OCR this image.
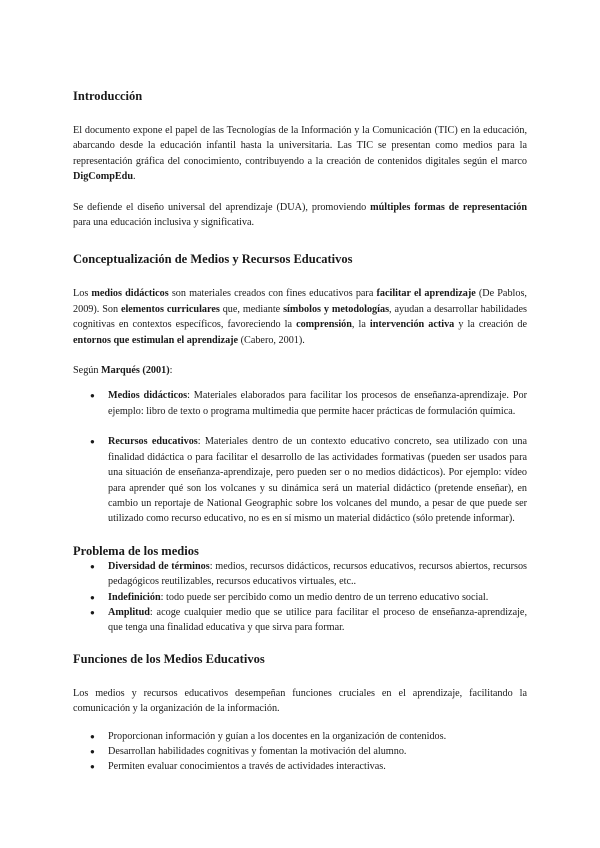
Introducción

El documento expone el papel de las Tecnologías de la Información y la Comunicación (TIC) en la educación, abarcando desde la educación infantil hasta la universitaria. Las TIC se presentan como medios para la representación gráfica del conocimiento, contribuyendo a la creación de contenidos digitales según el marco DigCompEdu.

Se defiende el diseño universal del aprendizaje (DUA), promoviendo múltiples formas de representación para una educación inclusiva y significativa.

Conceptualización de Medios y Recursos Educativos

Los medios didácticos son materiales creados con fines educativos para facilitar el aprendizaje (De Pablos, 2009). Son elementos curriculares que, mediante símbolos y metodologías, ayudan a desarrollar habilidades cognitivas en contextos específicos, favoreciendo la comprensión, la intervención activa y la creación de entornos que estimulan el aprendizaje (Cabero, 2001).

Según Marqués (2001):

● Medios didácticos: Materiales elaborados para facilitar los procesos de enseñanza-aprendizaje. Por ejemplo: libro de texto o programa multimedia que permite hacer prácticas de formulación química.
● Recursos educativos: Materiales dentro de un contexto educativo concreto, sea utilizado con una finalidad didáctica o para facilitar el desarrollo de las actividades formativas (pueden ser usados para una situación de enseñanza-aprendizaje, pero pueden ser o no medios didácticos). Por ejemplo: vídeo para aprender qué son los volcanes y su dinámica será un material didáctico (pretende enseñar), en cambio un reportaje de National Geographic sobre los volcanes del mundo, a pesar de que puede ser utilizado como recurso educativo, no es en sí mismo un material didáctico (sólo pretende informar).
Problema de los medios
● Diversidad de términos: medios, recursos didácticos, recursos educativos, recursos abiertos, recursos pedagógicos reutilizables, recursos educativos virtuales, etc..
● Indefinición: todo puede ser percibido como un medio dentro de un terreno educativo social.
● Amplitud: acoge cualquier medio que se utilice para facilitar el proceso de enseñanza-aprendizaje, que tenga una finalidad educativa y que sirva para formar.
Funciones de los Medios Educativos

Los medios y recursos educativos desempeñan funciones cruciales en el aprendizaje, facilitando la comunicación y la organización de la información.

● Proporcionan información y guían a los docentes en la organización de contenidos.
● Desarrollan habilidades cognitivas y fomentan la motivación del alumno.
● Permiten evaluar conocimientos a través de actividades interactivas.
